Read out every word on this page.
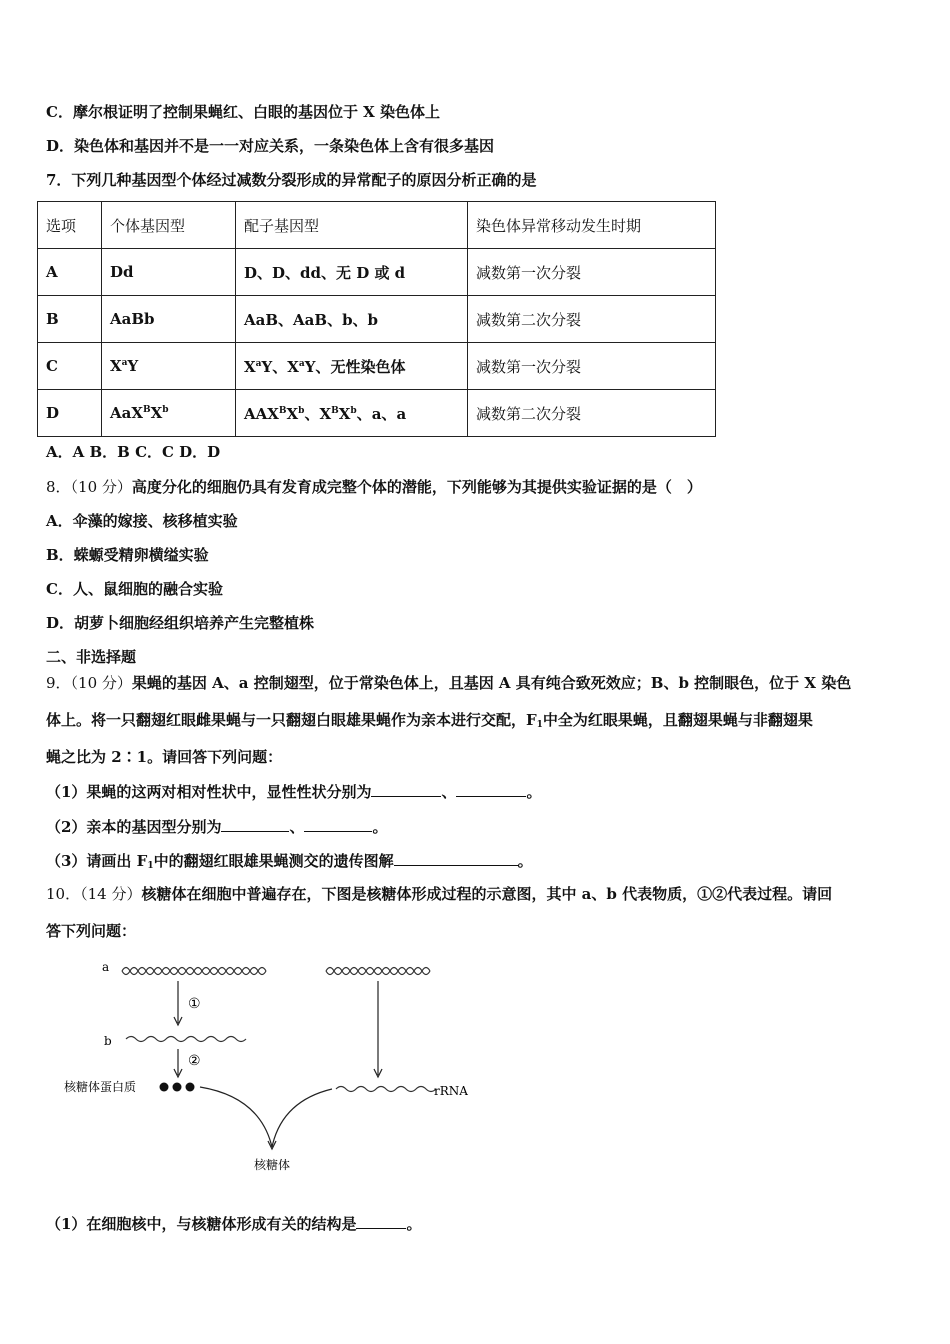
C．摩尔根证明了控制果蝇红、白眼的基因位于 X 染色体上
D．染色体和基因并不是一一对应关系，一条染色体上含有很多基因
7．下列几种基因型个体经过减数分裂形成的异常配子的原因分析正确的是
选项	个体基因型	配子基因型	染色体异常移动发生时期
A	Dd	D、D、dd、无 D 或 d	减数第一次分裂
B	AaBb	AaB、AaB、b、b	减数第二次分裂
C	$X^aY$	$X^aY$、$X^aY$、无性染色体	减数第一次分裂
D	$AaX^BX^b$	$AAX^BX^b$、$X^BX^b$、a、a	减数第二次分裂
A．A B．B C．C D．D
8．（10 分）高度分化的细胞仍具有发育成完整个体的潜能，下列能够为其提供实验证据的是（　）
A．伞藻的嫁接、核移植实验
B．蝾螈受精卵横缢实验
C．人、鼠细胞的融合实验
D．胡萝卜细胞经组织培养产生完整植株
二、非选择题
9．（10 分）果蝇的基因 A、a 控制翅型，位于常染色体上，且基因 A 具有纯合致死效应；B、b 控制眼色，位于 X 染色
体上。将一只翻翅红眼雌果蝇与一只翻翅白眼雄果蝇作为亲本进行交配，$F_1$中全为红眼果蝇，且翻翅果蝇与非翻翅果
蝇之比为 2∶1。请回答下列问题：
（1）果蝇的这两对相对性状中，显性性状分别为	、	。
（2）亲本的基因型分别为	、	。
（3）请画出 $F_1$中的翻翅红眼雄果蝇测交的遗传图解	。
10．（14 分）核糖体在细胞中普遍存在，下图是核糖体形成过程的示意图，其中 a、b 代表物质，①②代表过程。请回
答下列问题：
a
①
b
②
核糖体蛋白质	rRNA
核糖体
（1）在细胞核中，与核糖体形成有关的结构是	。
